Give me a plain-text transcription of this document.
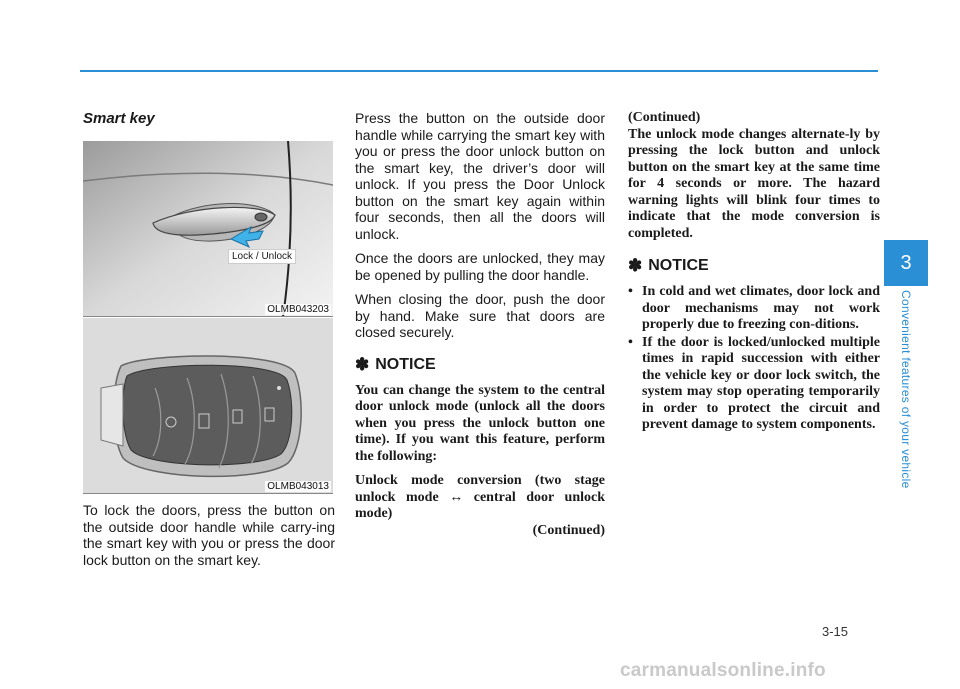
Smart key
Lock / Unlock
OLMB043203
OLMB043013

To lock the doors, press the button on the outside door handle while carry-ing the smart key with you or press the door lock button on the smart key.

Press the button on the outside door handle while carrying the smart key with you or press the door unlock button on the smart key, the driver’s door will unlock. If you press the Door Unlock button on the smart key again within four seconds, then all the doors will unlock.

Once the doors are unlocked, they may be opened by pulling the door handle.

When closing the door, push the door by hand. Make sure that doors are closed securely.

✽ NOTICE

You can change the system to the central door unlock mode (unlock all the doors when you press the unlock button one time). If you want this feature, perform the following:

Unlock mode conversion (two stage unlock mode ↔ central door unlock mode)

(Continued)

(Continued)

The unlock mode changes alternate-ly by pressing the lock button and unlock button on the smart key at the same time for 4 seconds or more. The hazard warning lights will blink four times to indicate that the mode conversion is completed.

✽ NOTICE
• In cold and wet climates, door lock and door mechanisms may not work properly due to freezing con-ditions.
• If the door is locked/unlocked multiple times in rapid succession with either the vehicle key or door lock switch, the system may stop operating temporarily in order to protect the circuit and prevent damage to system components.
3
Convenient features of your vehicle
3-15
carmanualsonline.info
